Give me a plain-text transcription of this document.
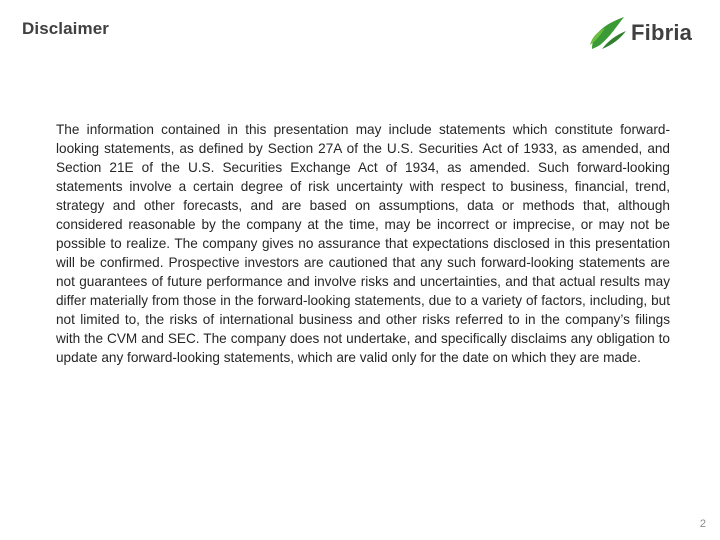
Disclaimer	Fibria

The information contained in this presentation may include statements which constitute forward-looking statements, as defined by Section 27A of the U.S. Securities Act of 1933, as amended, and Section 21E of the U.S. Securities Exchange Act of 1934, as amended. Such forward-looking statements involve a certain degree of risk uncertainty with respect to business, financial, trend, strategy and other forecasts, and are based on assumptions, data or methods that, although considered reasonable by the company at the time, may be incorrect or imprecise, or may not be possible to realize. The company gives no assurance that expectations disclosed in this presentation will be confirmed. Prospective investors are cautioned that any such forward-looking statements are not guarantees of future performance and involve risks and uncertainties, and that actual results may differ materially from those in the forward-looking statements, due to a variety of factors, including, but not limited to, the risks of international business and other risks referred to in the company’s filings with the CVM and SEC. The company does not undertake, and specifically disclaims any obligation to update any forward-looking statements, which are valid only for the date on which they are made.

2
